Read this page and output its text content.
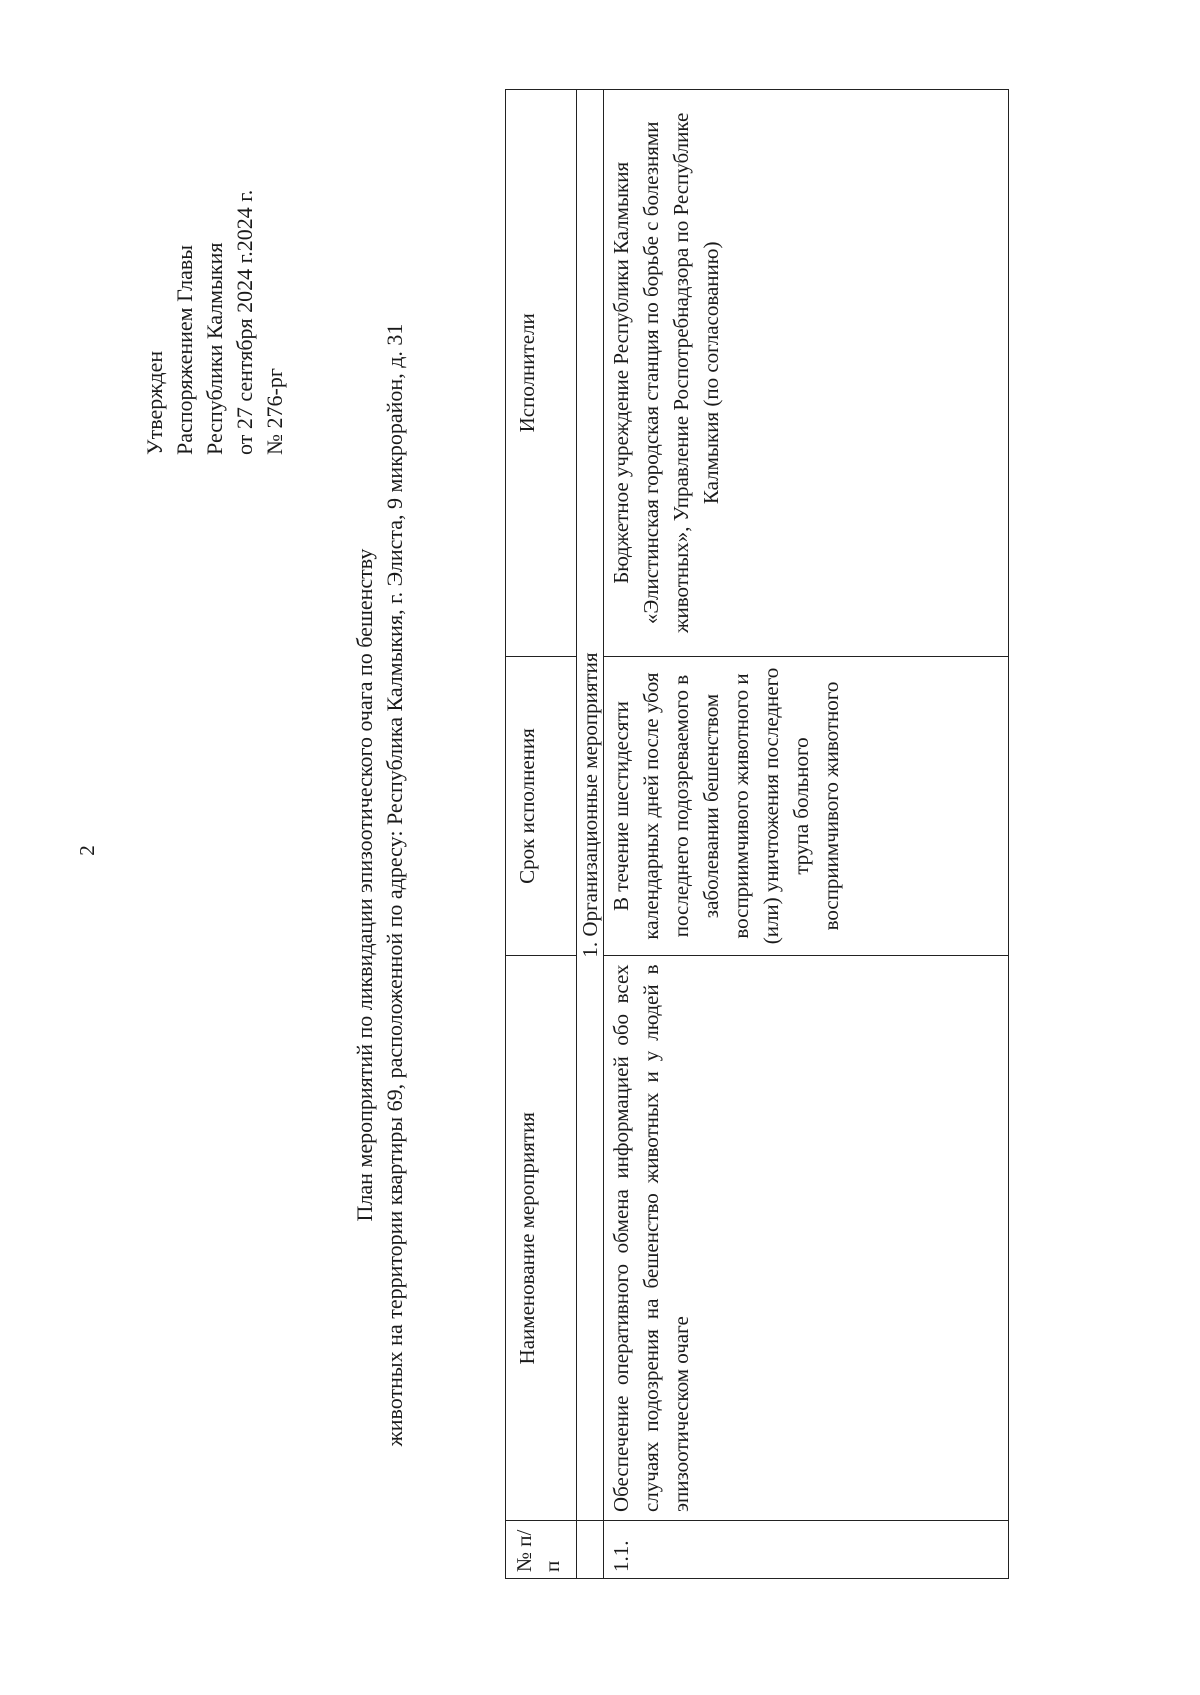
2
Утвержден Распоряжением Главы Республики Калмыкия от 27 сентября 2024 г.2024 г. № 276-рг
План мероприятий по ликвидации эпизоотического очага по бешенству животных на территории квартиры 69, расположенной по адресу: Республика Калмыкия, г. Элиста, 9 микрорайон, д. 31
№ п/п	Наименование мероприятия	Срок исполнения	Исполнители
	1. Организационные мероприятия		
1.1.	Обеспечение оперативного обмена информацией обо всех случаях подозрения на бешенство животных и у людей в эпизоотическом очаге	В течение шестидесяти календарных дней после убоя последнего подозреваемого в заболевании бешенством восприимчивого животного и (или) уничтожения последнего трупа больного восприимчивого животного	Бюджетное учреждение Республики Калмыкия «Элистинская городская станция по борьбе с болезнями животных», Управление Роспотребнадзора по Республике Калмыкия (по согласованию)
